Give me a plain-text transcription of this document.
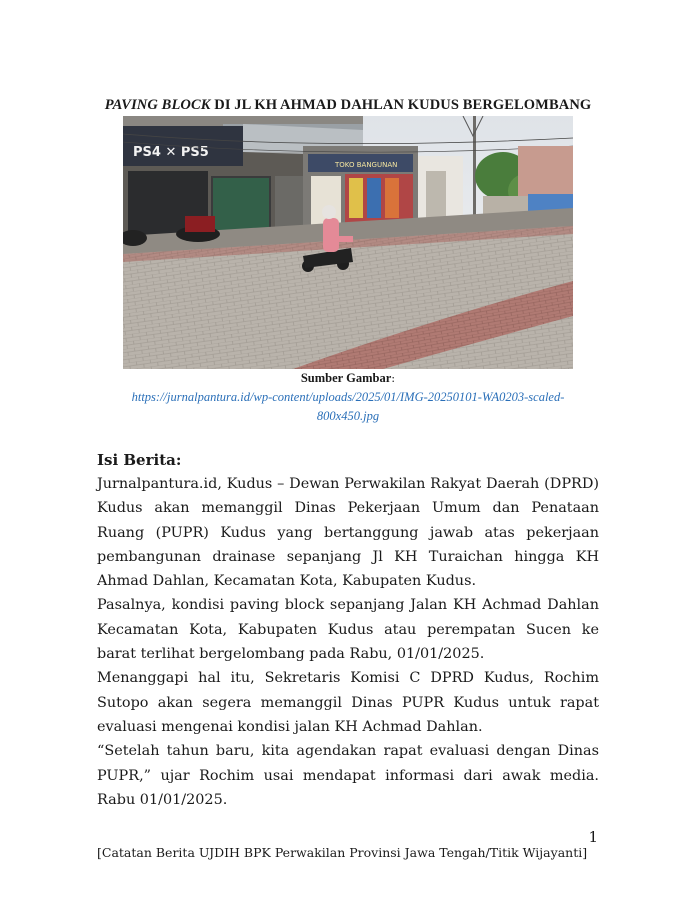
PAVING BLOCK DI JL KH AHMAD DAHLAN KUDUS BERGELOMBANG
PS4 ✕ PS5
TOKO BANGUNAN
Sumber Gambar:
https://jurnalpantura.id/wp-content/uploads/2025/01/IMG-20250101-WA0203-scaled-800x450.jpg
Isi Berita:

Jurnalpantura.id, Kudus – Dewan Perwakilan Rakyat Daerah (DPRD) Kudus akan memanggil Dinas Pekerjaan Umum dan Penataan Ruang (PUPR) Kudus yang bertanggung jawab atas pekerjaan pembangunan drainase sepanjang Jl KH Turaichan hingga KH Ahmad Dahlan, Kecamatan Kota, Kabupaten Kudus.

Pasalnya, kondisi paving block sepanjang Jalan KH Achmad Dahlan Kecamatan Kota, Kabupaten Kudus atau perempatan Sucen ke barat terlihat bergelombang pada Rabu, 01/01/2025.

Menanggapi hal itu, Sekretaris Komisi C DPRD Kudus, Rochim Sutopo akan segera memanggil Dinas PUPR Kudus untuk rapat evaluasi mengenai kondisi jalan KH Achmad Dahlan.

“Setelah tahun baru, kita agendakan rapat evaluasi dengan Dinas PUPR,” ujar Rochim usai mendapat informasi dari awak media. Rabu 01/01/2025.

1
[Catatan Berita UJDIH BPK Perwakilan Provinsi Jawa Tengah/Titik Wijayanti]
